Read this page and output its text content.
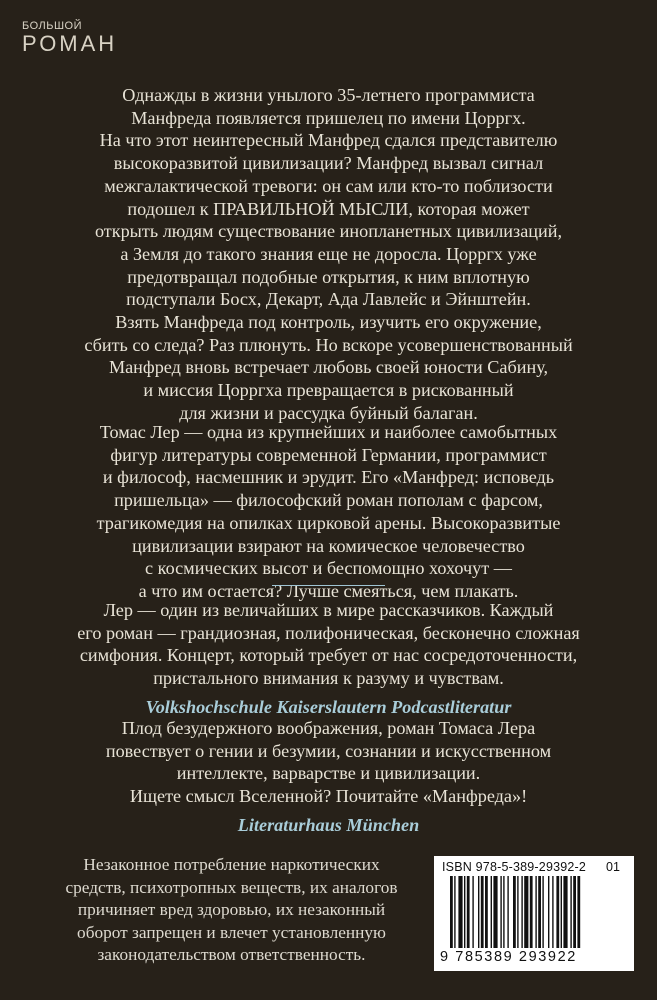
БОЛЬШОЙ
РОМАН

Однажды в жизни унылого 35-летнего программиста

Манфреда появляется пришелец по имени Цорргх.

На что этот неинтересный Манфред сдался представителю

высокоразвитой цивилизации? Манфред вызвал сигнал

межгалактической тревоги: он сам или кто-то поблизости

подошел к ПРАВИЛЬНОЙ МЫСЛИ, которая может

открыть людям существование инопланетных цивилизаций,

а Земля до такого знания еще не доросла. Цорргх уже

предотвращал подобные открытия, к ним вплотную

подступали Босх, Декарт, Ада Лавлейс и Эйнштейн.

Взять Манфреда под контроль, изучить его окружение,

сбить со следа? Раз плюнуть. Но вскоре усовершенствованный

Манфред вновь встречает любовь своей юности Сабину,

и миссия Цорргха превращается в рискованный

для жизни и рассудка буйный балаган.

Томас Лер — одна из крупнейших и наиболее самобытных

фигур литературы современной Германии, программист

и философ, насмешник и эрудит. Его «Манфред: исповедь

пришельца» — философский роман пополам с фарсом,

трагикомедия на опилках цирковой арены. Высокоразвитые

цивилизации взирают на комическое человечество

с космических высот и беспомощно хохочут —

а что им остается? Лучше смеяться, чем плакать.

Лер — один из величайших в мире рассказчиков. Каждый

его роман — грандиозная, полифоническая, бесконечно сложная

симфония. Концерт, который требует от нас сосредоточенности,

пристального внимания к разуму и чувствам.

Volkshochschule Kaiserslautern Podcastliteratur

Плод безудержного воображения, роман Томаса Лера

повествует о гении и безумии, сознании и искусственном

интеллекте, варварстве и цивилизации.

Ищете смысл Вселенной? Почитайте «Манфреда»!

Literaturhaus München

Незаконное потребление наркотических
средств, психотропных веществ, их аналогов
причиняет вред здоровью, их незаконный
оборот запрещен и влечет установленную
законодательством ответственность.
ISBN 978-5-389-29392-2 01
9 785389 293922
